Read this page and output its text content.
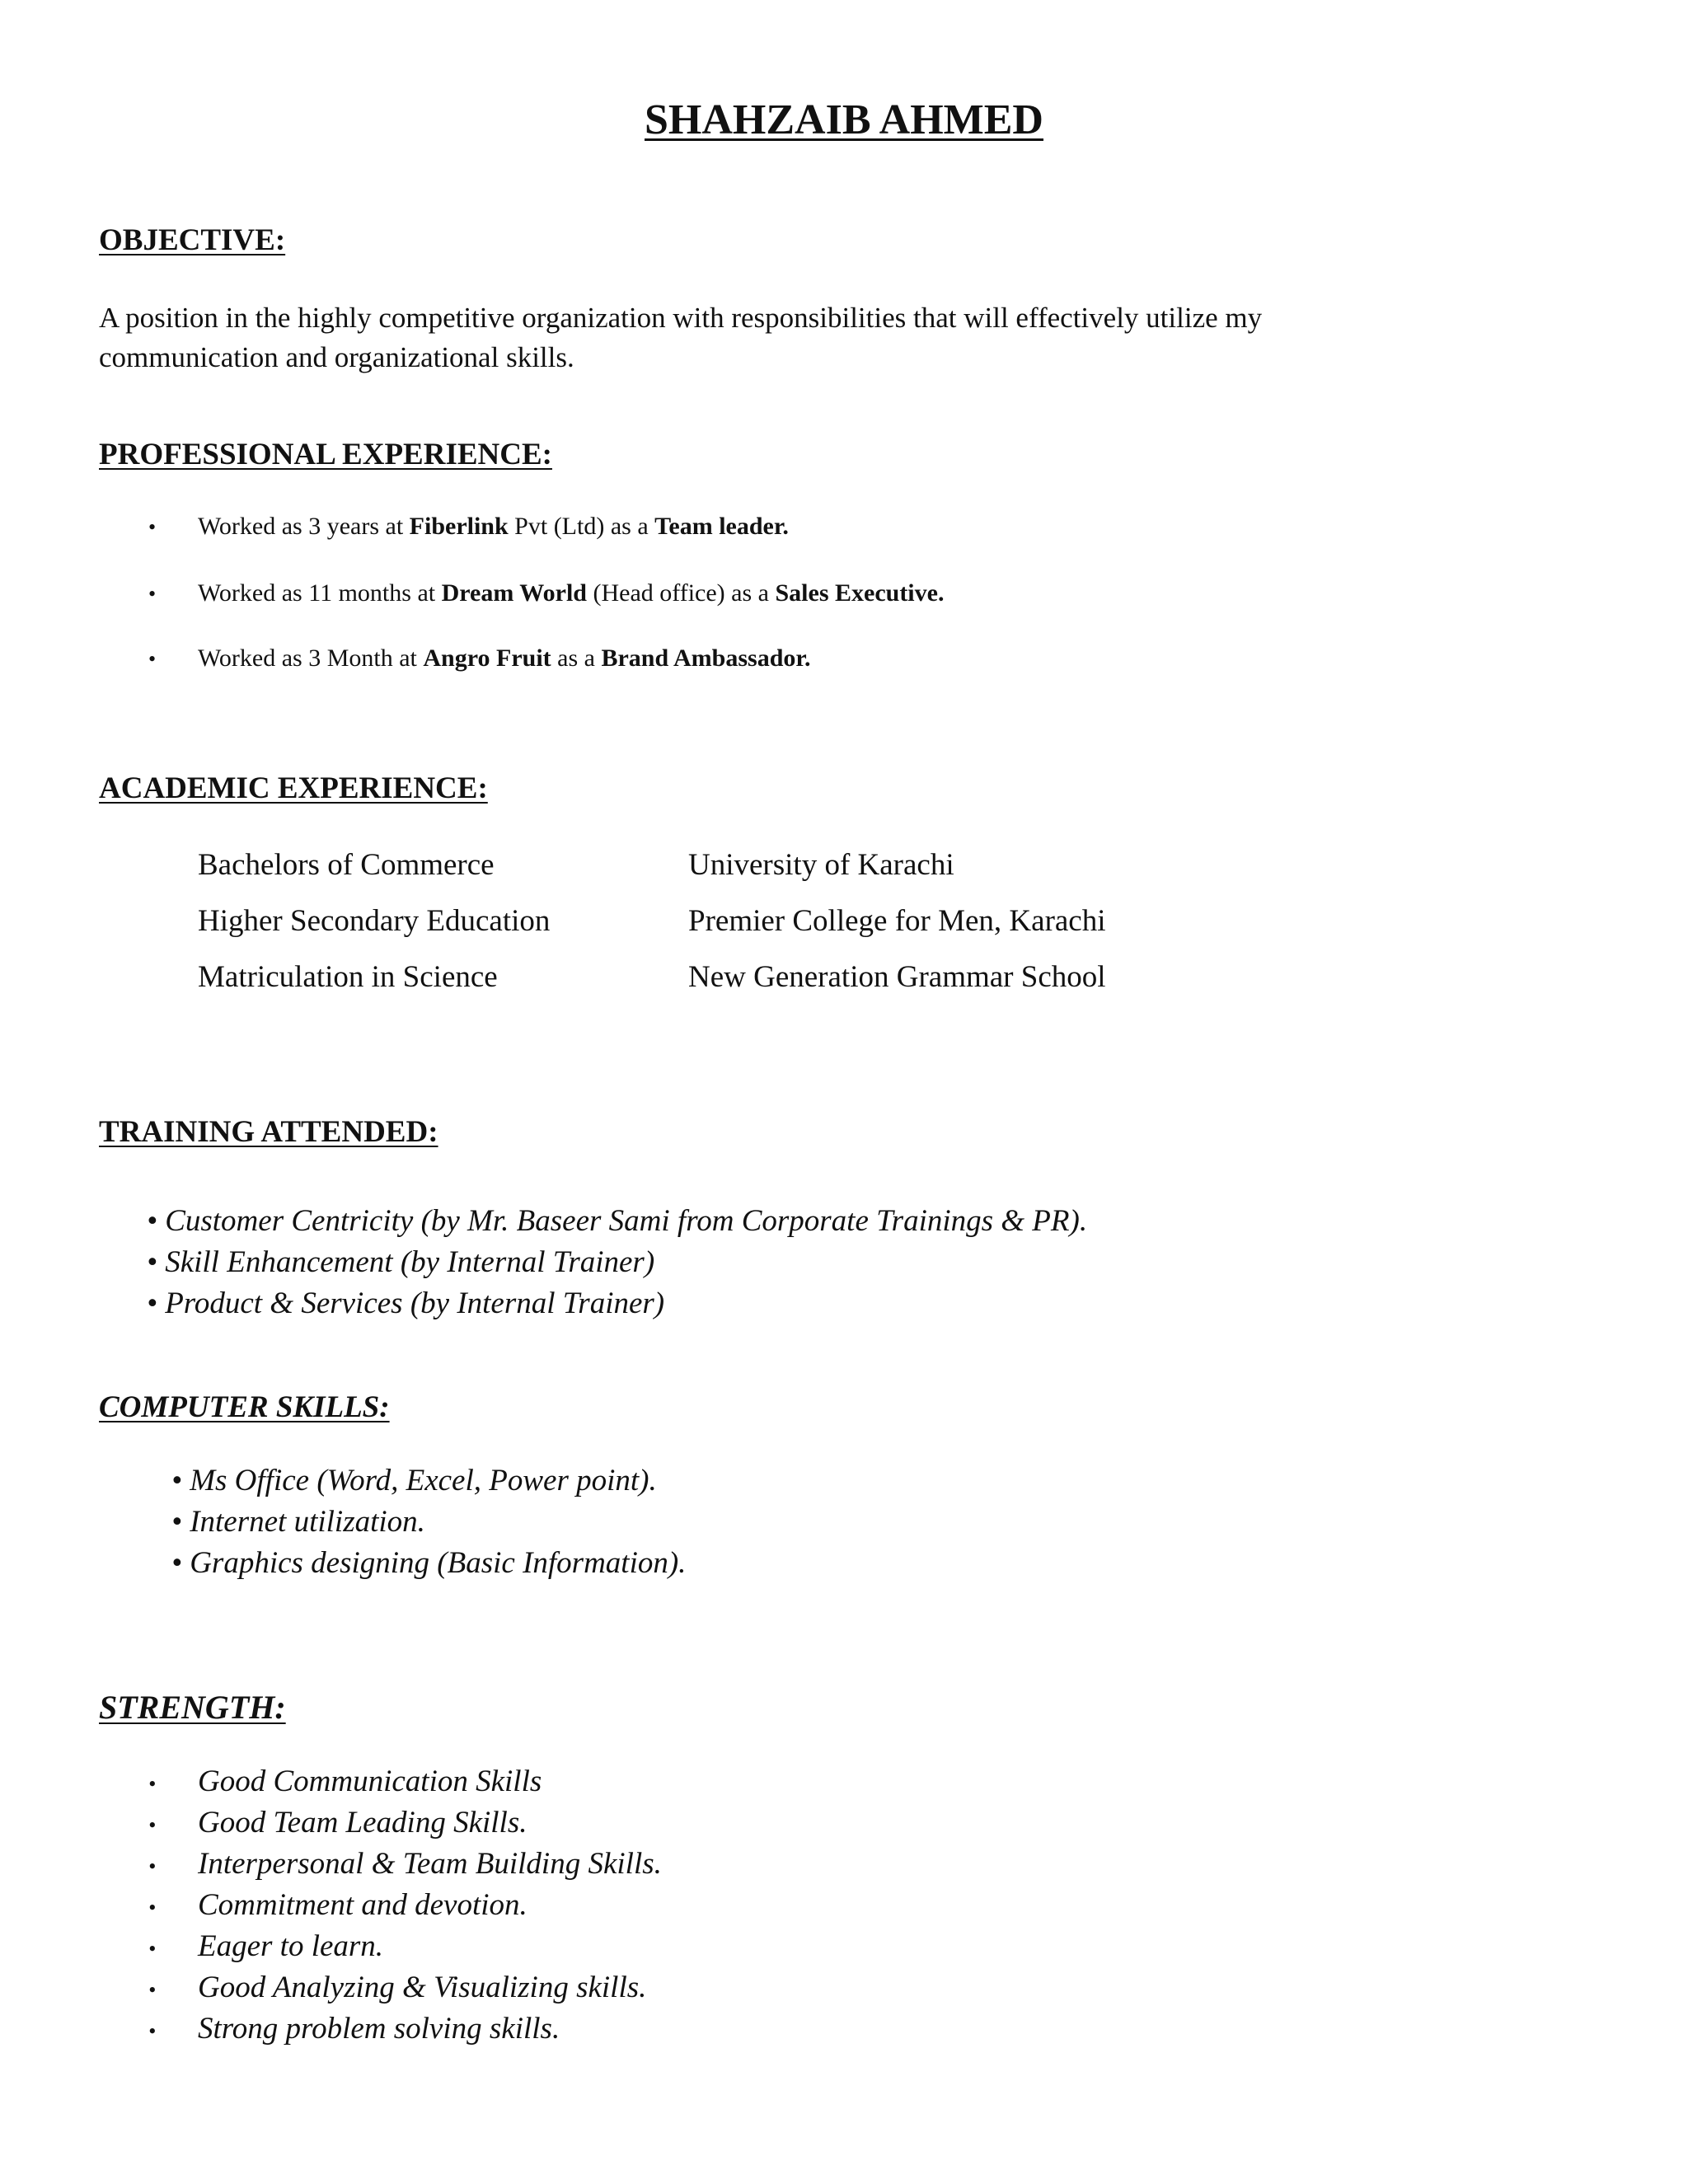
SHAHZAIB AHMED
OBJECTIVE:
A position in the highly competitive organization with responsibilities that will effectively utilize my
communication and organizational skills.
PROFESSIONAL EXPERIENCE:
• Worked as 3 years at Fiberlink Pvt (Ltd) as a Team leader.
• Worked as 11 months at Dream World (Head office) as a Sales Executive.
• Worked as 3 Month at Angro Fruit as a Brand Ambassador.
ACADEMIC EXPERIENCE:
Bachelors of Commerce	University of Karachi
Higher Secondary Education	Premier College for Men, Karachi
Matriculation in Science	New Generation Grammar School
TRAINING ATTENDED:
• Customer Centricity (by Mr. Baseer Sami from Corporate Trainings & PR).
• Skill Enhancement (by Internal Trainer)
• Product & Services (by Internal Trainer)
COMPUTER SKILLS:
• Ms Office (Word, Excel, Power point).
• Internet utilization.
• Graphics designing (Basic Information).
STRENGTH:
• Good Communication Skills
• Good Team Leading Skills.
• Interpersonal & Team Building Skills.
• Commitment and devotion.
• Eager to learn.
• Good Analyzing & Visualizing skills.
• Strong problem solving skills.
